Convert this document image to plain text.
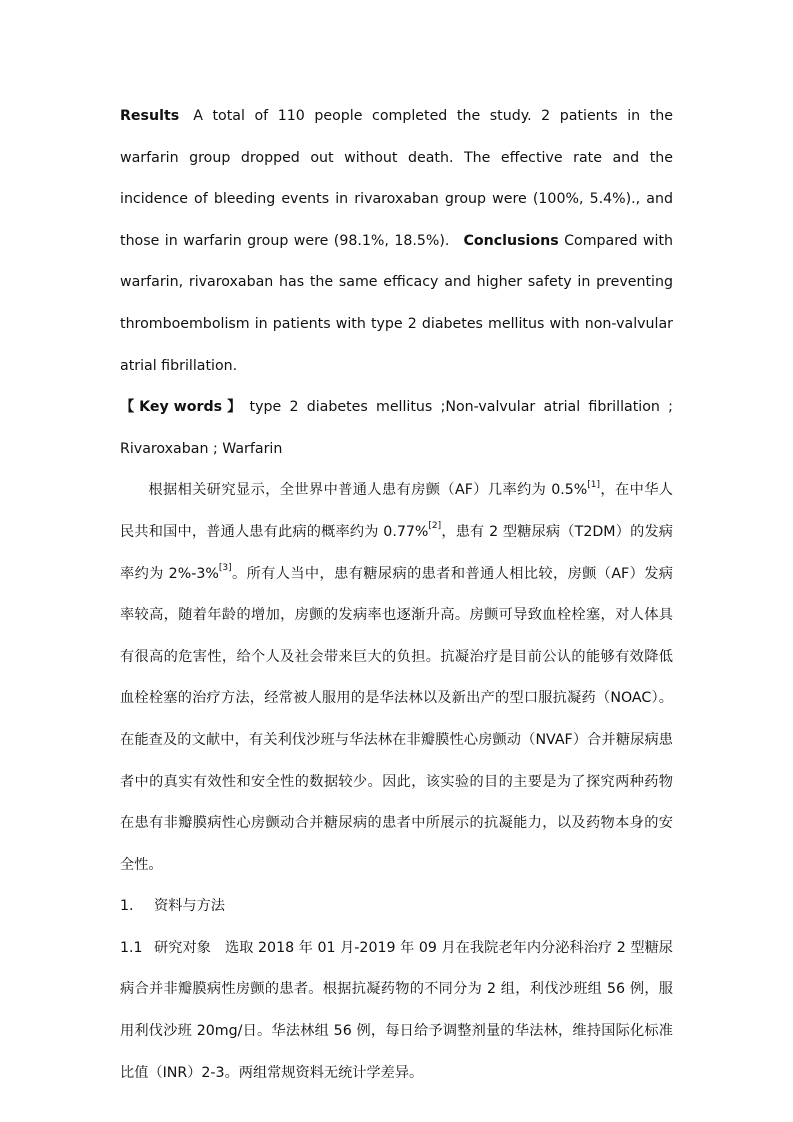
Results A total of 110 people completed the study. 2 patients in the warfarin group dropped out without death. The effective rate and the incidence of bleeding events in rivaroxaban group were (100%, 5.4%)., and those in warfarin group were (98.1%, 18.5%). Conclusions Compared with warfarin, rivaroxaban has the same efficacy and higher safety in preventing thromboembolism in patients with type 2 diabetes mellitus with non-valvular atrial fibrillation.

【 Key words 】 type 2 diabetes mellitus ;Non-valvular atrial fibrillation ;
Rivaroxaban ; Warfarin

根据相关研究显示，全世界中普通人患有房颤（AF）几率约为 0.5%[1]，在中华人民共和国中，普通人患有此病的概率约为 0.77%[2]，患有 2 型糖尿病（T2DM）的发病率约为 2%-3%[3]。所有人当中，患有糖尿病的患者和普通人相比较，房颤（AF）发病率较高，随着年龄的增加，房颤的发病率也逐渐升高。房颤可导致血栓栓塞，对人体具有很高的危害性，给个人及社会带来巨大的负担。抗凝治疗是目前公认的能够有效降低血栓栓塞的治疗方法，经常被人服用的是华法林以及新出产的型口服抗凝药（NOAC）。在能查及的文献中，有关利伐沙班与华法林在非瓣膜性心房颤动（NVAF）合并糖尿病患者中的真实有效性和安全性的数据较少。因此，该实验的目的主要是为了探究两种药物在患有非瓣膜病性心房颤动合并糖尿病的患者中所展示的抗凝能力，以及药物本身的安全性。

1. 资料与方法

1.1 研究对象 选取 2018 年 01 月-2019 年 09 月在我院老年内分泌科治疗 2 型糖尿病合并非瓣膜病性房颤的患者。根据抗凝药物的不同分为 2 组，利伐沙班组 56 例，服用利伐沙班 20mg/日。华法林组 56 例，每日给予调整剂量的华法林，维持国际化标准比值（INR）2-3。两组常规资料无统计学差异。
